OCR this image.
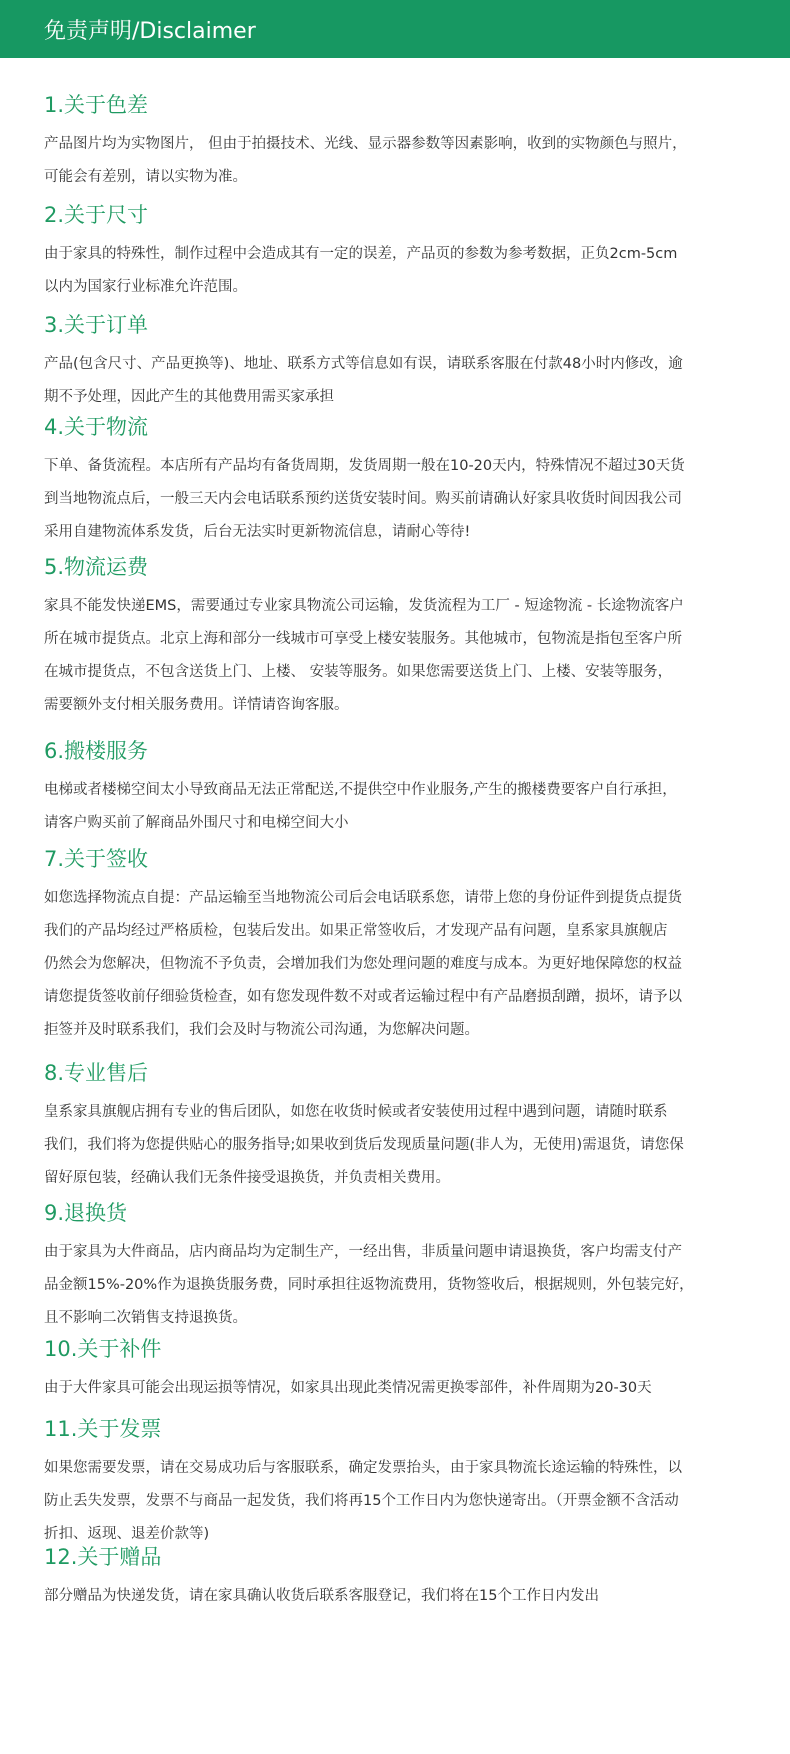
免责声明/Disclaimer
1.关于色差
产品图片均为实物图片， 但由于拍摄技术、光线、显示器参数等因素影响，收到的实物颜色与照片，
可能会有差别，请以实物为准。
2.关于尺寸
由于家具的特殊性，制作过程中会造成其有一定的误差，产品页的参数为参考数据，正负2cm-5cm
以内为国家行业标准允许范围。
3.关于订单
产品(包含尺寸、产品更换等)、地址、联系方式等信息如有误，请联系客服在付款48小时内修改，逾
期不予处理，因此产生的其他费用需买家承担
4.关于物流
下单、备货流程。本店所有产品均有备货周期，发货周期一般在10-20天内，特殊情况不超过30天货
到当地物流点后，一般三天内会电话联系预约送货安装时间。购买前请确认好家具收货时间因我公司
采用自建物流体系发货，后台无法实时更新物流信息，请耐心等待!
5.物流运费
家具不能发快递EMS，需要通过专业家具物流公司运输，发货流程为工厂 - 短途物流 - 长途物流客户
所在城市提货点。北京上海和部分一线城市可享受上楼安装服务。其他城市，包物流是指包至客户所
在城市提货点，不包含送货上门、上楼、 安装等服务。如果您需要送货上门、上楼、安装等服务，
需要额外支付相关服务费用。详情请咨询客服。
6.搬楼服务
电梯或者楼梯空间太小导致商品无法正常配送,不提供空中作业服务,产生的搬楼费要客户自行承担，
请客户购买前了解商品外围尺寸和电梯空间大小
7.关于签收
如您选择物流点自提：产品运输至当地物流公司后会电话联系您，请带上您的身份证件到提货点提货
我们的产品均经过严格质检，包装后发出。如果正常签收后，才发现产品有问题，皇系家具旗舰店
仍然会为您解决，但物流不予负责，会增加我们为您处理问题的难度与成本。为更好地保障您的权益
请您提货签收前仔细验货检查，如有您发现件数不对或者运输过程中有产品磨损刮蹭，损坏，请予以
拒签并及时联系我们，我们会及时与物流公司沟通，为您解决问题。
8.专业售后
皇系家具旗舰店拥有专业的售后团队，如您在收货时候或者安装使用过程中遇到问题，请随时联系
我们，我们将为您提供贴心的服务指导;如果收到货后发现质量问题(非人为，无使用)需退货，请您保
留好原包装，经确认我们无条件接受退换货，并负责相关费用。
9.退换货
由于家具为大件商品，店内商品均为定制生产，一经出售，非质量问题申请退换货，客户均需支付产
品金额15%-20%作为退换货服务费，同时承担往返物流费用，货物签收后，根据规则，外包装完好，
且不影响二次销售支持退换货。
10.关于补件
由于大件家具可能会出现运损等情况，如家具出现此类情况需更换零部件，补件周期为20-30天
11.关于发票
如果您需要发票，请在交易成功后与客服联系，确定发票抬头，由于家具物流长途运输的特殊性，以
防止丢失发票，发票不与商品一起发货，我们将再15个工作日内为您快递寄出。（开票金额不含活动
折扣、返现、退差价款等)
12.关于赠品
部分赠品为快递发货，请在家具确认收货后联系客服登记，我们将在15个工作日内发出
